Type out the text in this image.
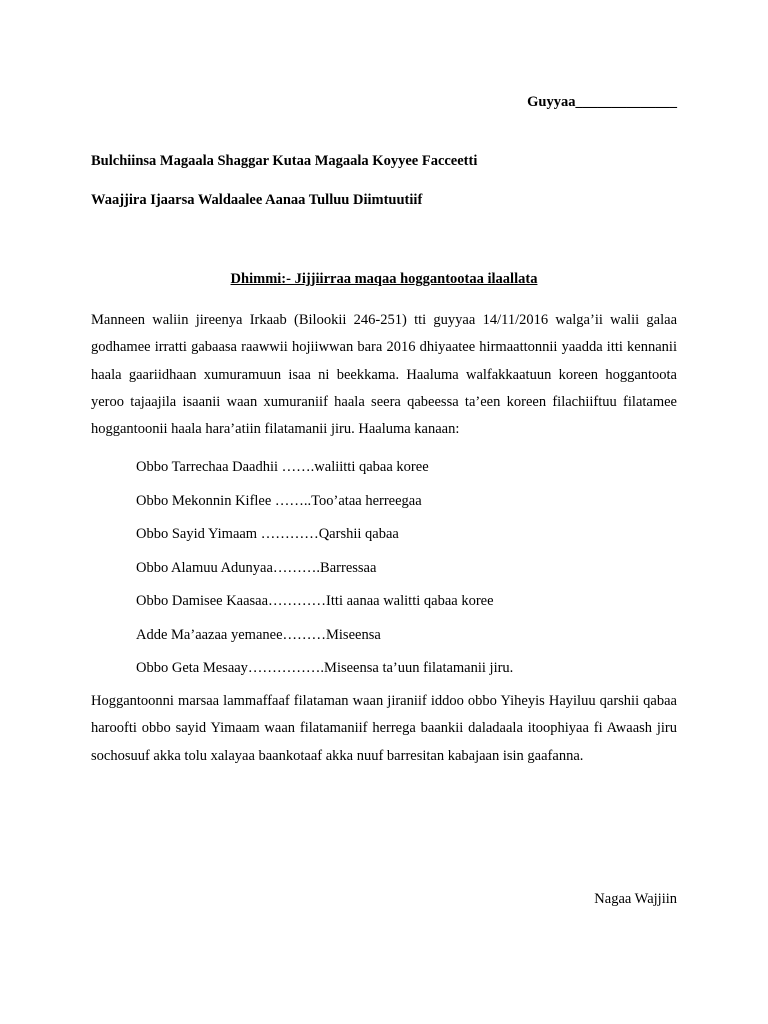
Guyyaa______________
Bulchiinsa Magaala Shaggar Kutaa Magaala Koyyee Facceetti
Waajjira Ijaarsa Waldaalee Aanaa Tulluu Diimtuutiif
Dhimmi:- Jijjiirraa maqaa hoggantootaa ilaallata
Manneen waliin jireenya Irkaab (Bilookii 246-251) tti guyyaa 14/11/2016 walga’ii walii galaa godhamee irratti gabaasa raawwii hojiiwwan bara 2016 dhiyaatee hirmaattonnii yaadda itti kennanii haala gaariidhaan xumuramuun isaa ni beekkama. Haaluma walfakkaatuun koreen hoggantoota yeroo tajaajila isaanii waan xumuraniif haala seera qabeessa ta’een koreen filachiiftuu filatamee hoggantoonii haala hara’atiin filatamanii jiru. Haaluma kanaan:
Obbo Tarrechaa Daadhii …….waliitti qabaa koree
Obbo Mekonnin Kiflee ……..Too’ataa herreegaa
Obbo Sayid Yimaam …………Qarshii qabaa
Obbo Alamuu Adunyaa……….Barressaa
Obbo Damisee Kaasaa…………Itti aanaa walitti qabaa koree
Adde Ma’aazaa yemanee………Miseensa
Obbo Geta Mesaay…………….Miseensa ta’uun filatamanii jiru.
Hoggantoonni marsaa lammaffaaf filataman waan jiraniif iddoo obbo Yiheyis Hayiluu qarshii qabaa haroofti obbo sayid Yimaam waan filatamaniif herrega baankii daladaala itoophiyaa fi Awaash jiru sochosuuf akka tolu xalayaa baankotaaf akka nuuf barresitan kabajaan isin gaafanna.
Nagaa Wajjiin
